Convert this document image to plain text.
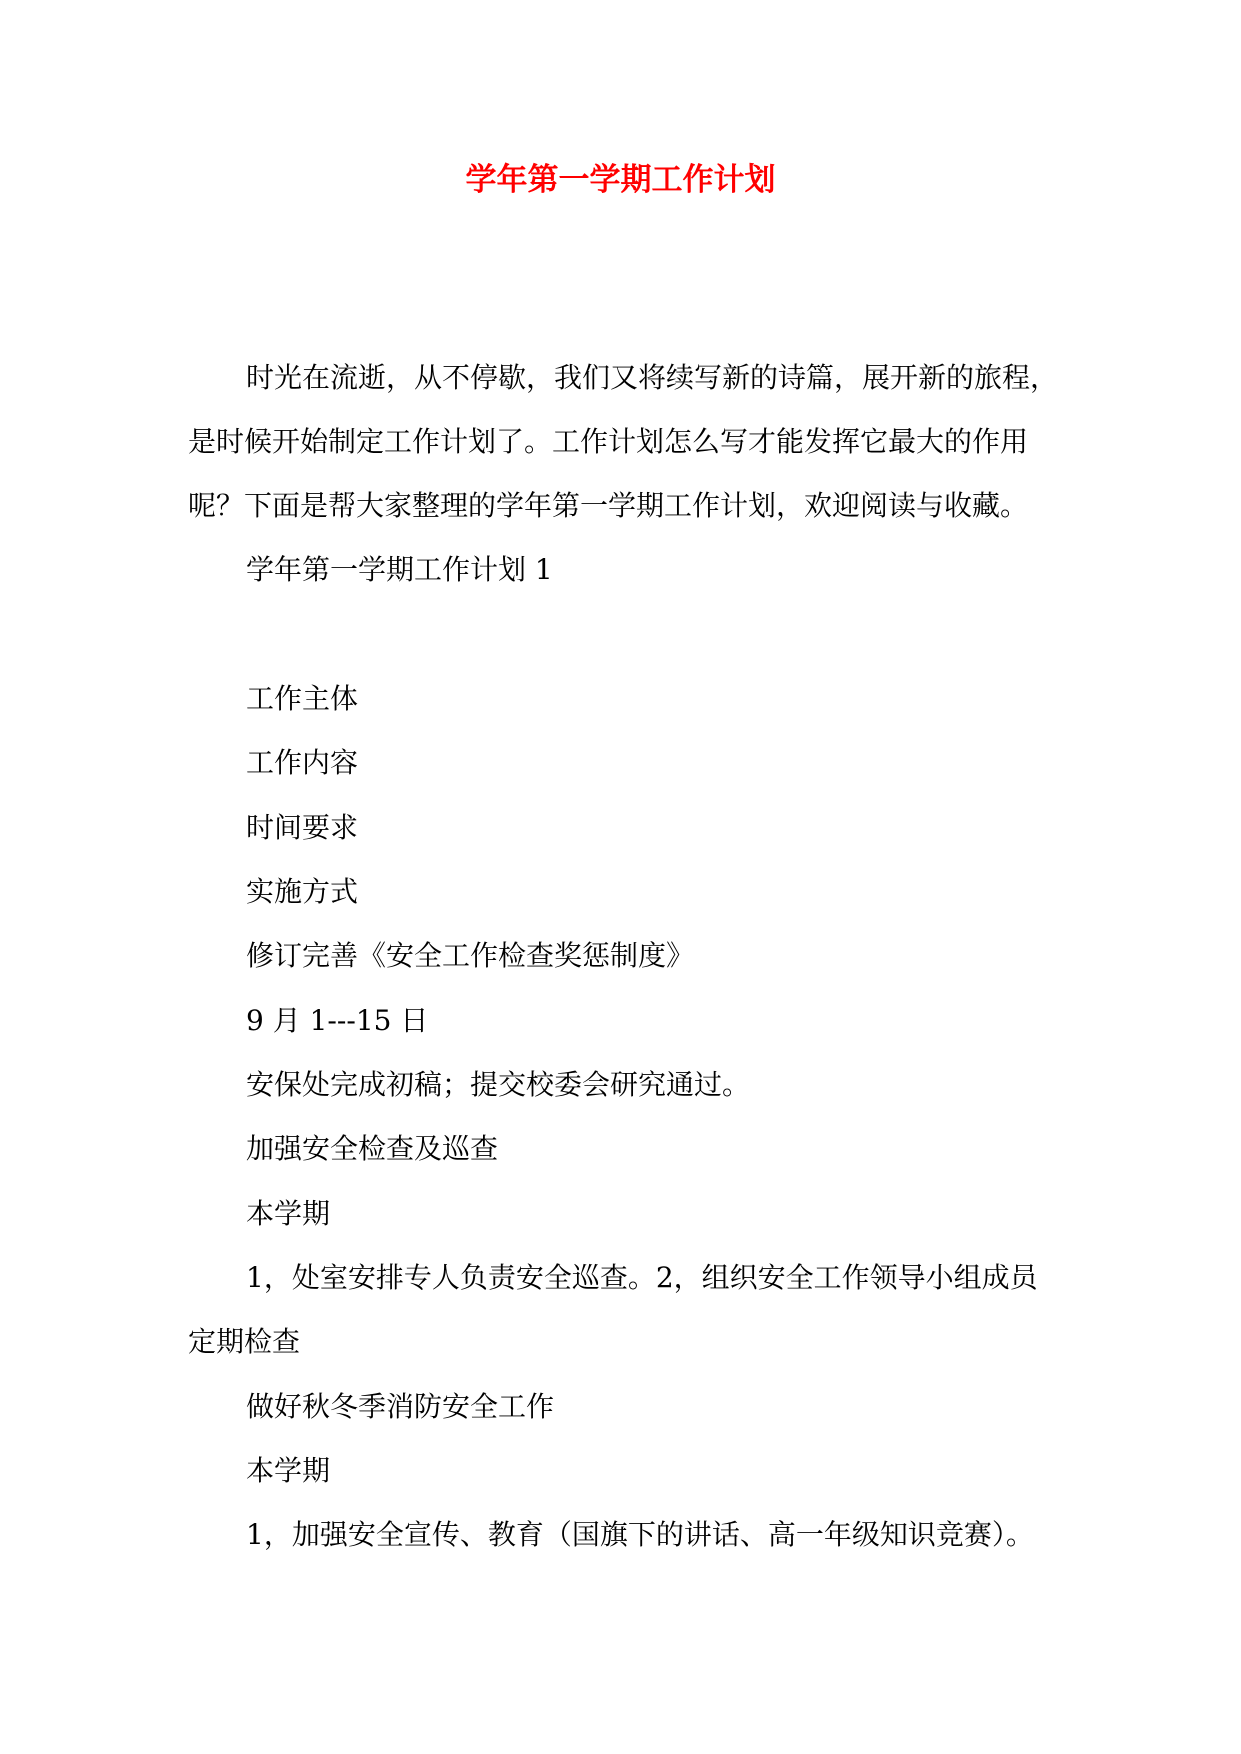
学年第一学期工作计划
时光在流逝，从不停歇，我们又将续写新的诗篇，展开新的旅程，
是时候开始制定工作计划了。工作计划怎么写才能发挥它最大的作用
呢？下面是帮大家整理的学年第一学期工作计划，欢迎阅读与收藏。
学年第一学期工作计划 1
工作主体
工作内容
时间要求
实施方式
修订完善《安全工作检查奖惩制度》
9 月 1---15 日
安保处完成初稿；提交校委会研究通过。
加强安全检查及巡查
本学期
1，处室安排专人负责安全巡查。2，组织安全工作领导小组成员
定期检查
做好秋冬季消防安全工作
本学期
1，加强安全宣传、教育（国旗下的讲话、高一年级知识竞赛）。
